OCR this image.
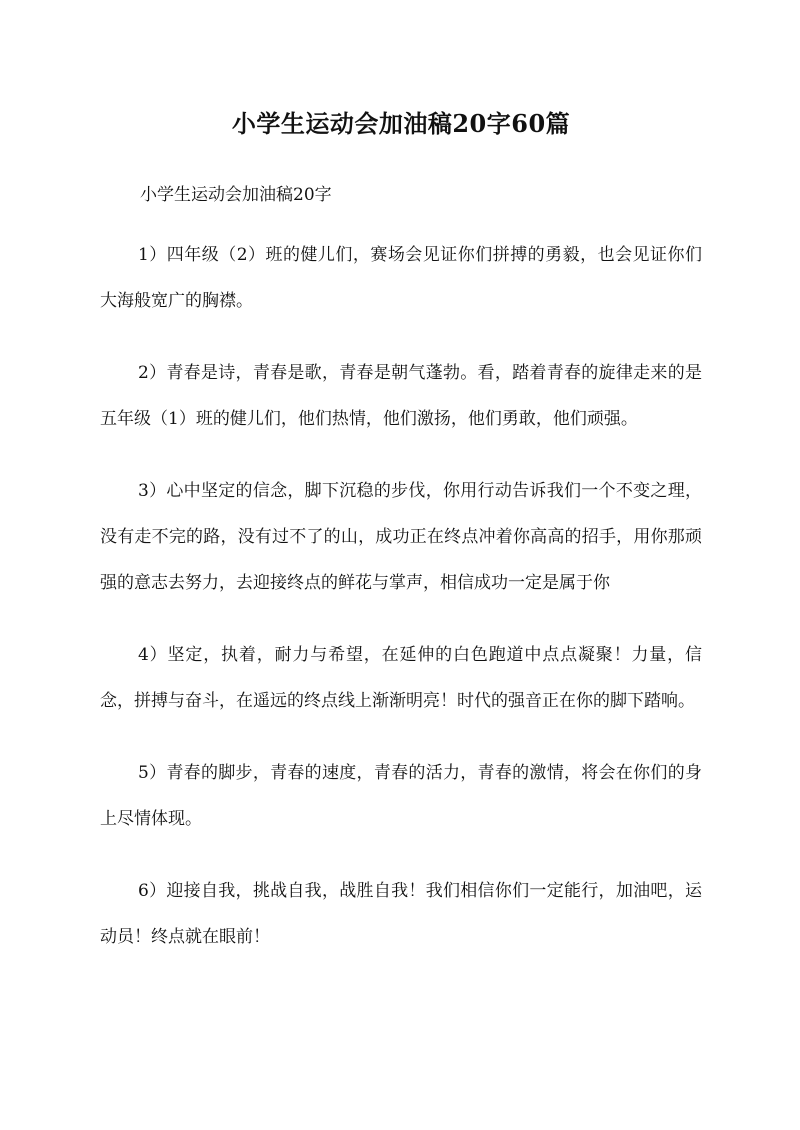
小学生运动会加油稿20字60篇

小学生运动会加油稿20字

1）四年级（2）班的健儿们，赛场会见证你们拼搏的勇毅，也会见证你们大海般宽广的胸襟。

2）青春是诗，青春是歌，青春是朝气蓬勃。看，踏着青春的旋律走来的是五年级（1）班的健儿们，他们热情，他们激扬，他们勇敢，他们顽强。

3）心中坚定的信念，脚下沉稳的步伐，你用行动告诉我们一个不变之理，没有走不完的路，没有过不了的山，成功正在终点冲着你高高的招手，用你那顽强的意志去努力，去迎接终点的鲜花与掌声，相信成功一定是属于你

4）坚定，执着，耐力与希望，在延伸的白色跑道中点点凝聚！力量，信念，拼搏与奋斗，在遥远的终点线上渐渐明亮！时代的强音正在你的脚下踏响。

5）青春的脚步，青春的速度，青春的活力，青春的激情，将会在你们的身上尽情体现。

6）迎接自我，挑战自我，战胜自我！我们相信你们一定能行，加油吧，运动员！终点就在眼前！
